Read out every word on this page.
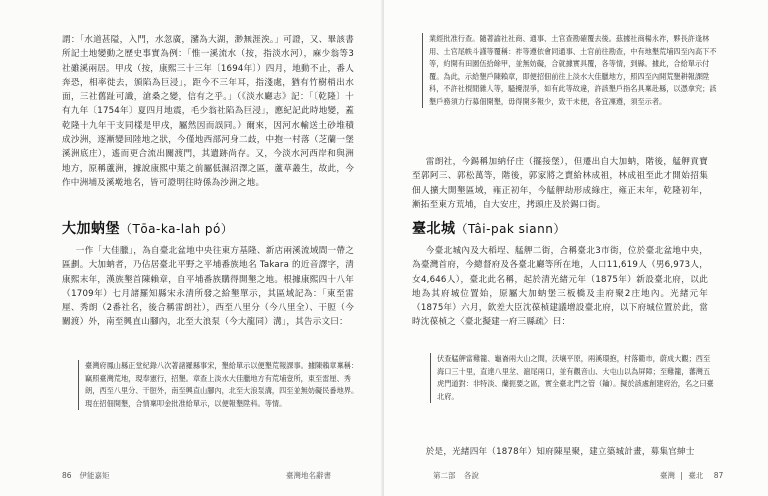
謂：「水道甚隘，入門，水忽廣，瀦為大湖，渺無涯涘。」可證，又、畢該書所記土地變動之歷史事實為例：「惟一溪流水（按，指淡水河），麻少翁等3社雖溪兩居。甲戌（按，康熙三十三年〔1694年〕）四月，地動不止，番人奔恐，相率徙去，頒陷為巨浸」，距今不三年耳，指淺處，猶有竹樹梢出水面，三社舊趾可識，滄桑之變，信有之乎。」（《淡水廳志》記：「〔乾隆〕十有九年〔1754年〕夏四月地震，毛少翁社陷為巨浸」，應紀記此時地變，蓋乾隆十九年干支同樣是甲戌，屬然因而誤同。）爾來，因河水輸送土砂堆積成沙洲，逐漸變回陸地之狀，今僅地西部河身二歧，中抱一村落（芝蘭一堡溪洲底庄），遙而更合流出關渡門，其遺跡尚存。又，今淡水河西岸和與洲地方，原稱蘆洲，據說康熙中葉之前屬低濕沼澤之區，蘆草叢生，故此，今作中洲埔及溪墘地名，皆可證明往時係為沙洲之地。

大加蚋堡（Tōa-ka-lah pó）

一作「大佳臘」，為自臺北盆地中央往東方基隆、新店兩溪流域間一帶之區劃。大加蚋者，乃佔居臺北平野之平埔番族地名 Takara 的近音譯字，清康熙末年，漢族墾首陳賴章，自平埔番族購得開墾之地。根據康熙四十八年（1709年）七月諸羅知縣宋永清所發之給墾單示，其區域記為：「東至雷厘、秀朗（2番社名，後合稱雷朗社），西至八里分（今八里全）、干脰（今關渡）外，南至興直山腳內，北至大浪泵（今大龍同）溝」，其告示文曰：

臺灣府鳳山縣正堂紀錄八次著諸羅縣事宋，墾給單示以便墾荒報課事。據陳賴章稟稱：竊照臺灣荒地，現奉憲行，招墾。章查上淡水大佳臘地方有荒埔壹所，東至雷厘、秀朗，西至八里分、干脰外，南至興直山腳內，北至大浪泵溝，四至並無妨礙民番地界。現在招佃開墾，合情稟叩金批准給單示，以便報墾陞科。等情。
86 伊能嘉矩	臺灣地名辭書
業經批准行查。隨著諭社社商、通事、土官查勘確覆去後。茲據社商楊永祚，夥長許逢林用、土官尾帙斗謹等覆稱：祚等遵依會同通事、土官前往勘查，中有地墾荒埔四至內高下不等，約開有田園伍拾餘甲，並無妨礙，合就據實具覆，各等情，到縣。據此，合給單示付覆。為此，示給墾戶陳賴章，即便招佃前往上淡水大佳臘地方，照四至內開荒墾耕報課陞科，不許社棍閒雜人等，騷擾混爭，如有此等故違，許該墾戶指名具稟赴縣，以憑拿究；該墾戶務須力行募佃開墾，毋得開多報少，致干未便，各宜凜遵，須至示者。

雷朗社，今錫稱加納仔庄（擺接堡），但遷出自大加蚋，階後，艋舺貢寶至郭阿三、郭松萬等，階後，郭家將之賣給林成祖，林成祖至此才開始招集佃人擴大開墾區域，雍正初年，今艋舺劫形成綠庄，雍正末年，乾隆初年，漸拓至東方荒埔，自大安庄，拷頭庄及於錫口街。

臺北城（Tâi-pak siann）

今臺北城內及大稻埕、艋舺二街，合稱臺北3市街，位於臺北盆地中央，為臺灣首府，今總督府及各臺北廳等所在地，人口11,619人（男6,973人，女4,646人），臺北此名稱，起於清光緒元年（1875年）新設臺北府，以此地為其府城位置始，原屬大加蚋堡三板橋及圭府聚2庄地內。光緒元年（1875年）六月，欽差大臣沈葆楨建議增設臺北府，以下府城位置於此，當時沈葆楨之〈臺北擬建一府三縣疏〉曰：

伏查艋舺當雞籠、龜崙兩大山之間，沃壤平原，兩溪環抱，村落衢市，蔚成大觀；西至海口三十里，直達八里坌、滬尾兩口，並有觀音山、大屯山以為屏障；至雞籠，蕃灣五虎門道對：非特淡、蘭扼要之區，實全臺北門之管（鑰）。擬於該處創建府治，名之曰臺北府。

於是，光緒四年（1878年）知府陳星聚，建立築城計畫，募集官紳士

第二部 各說	臺灣 | 臺北 87
